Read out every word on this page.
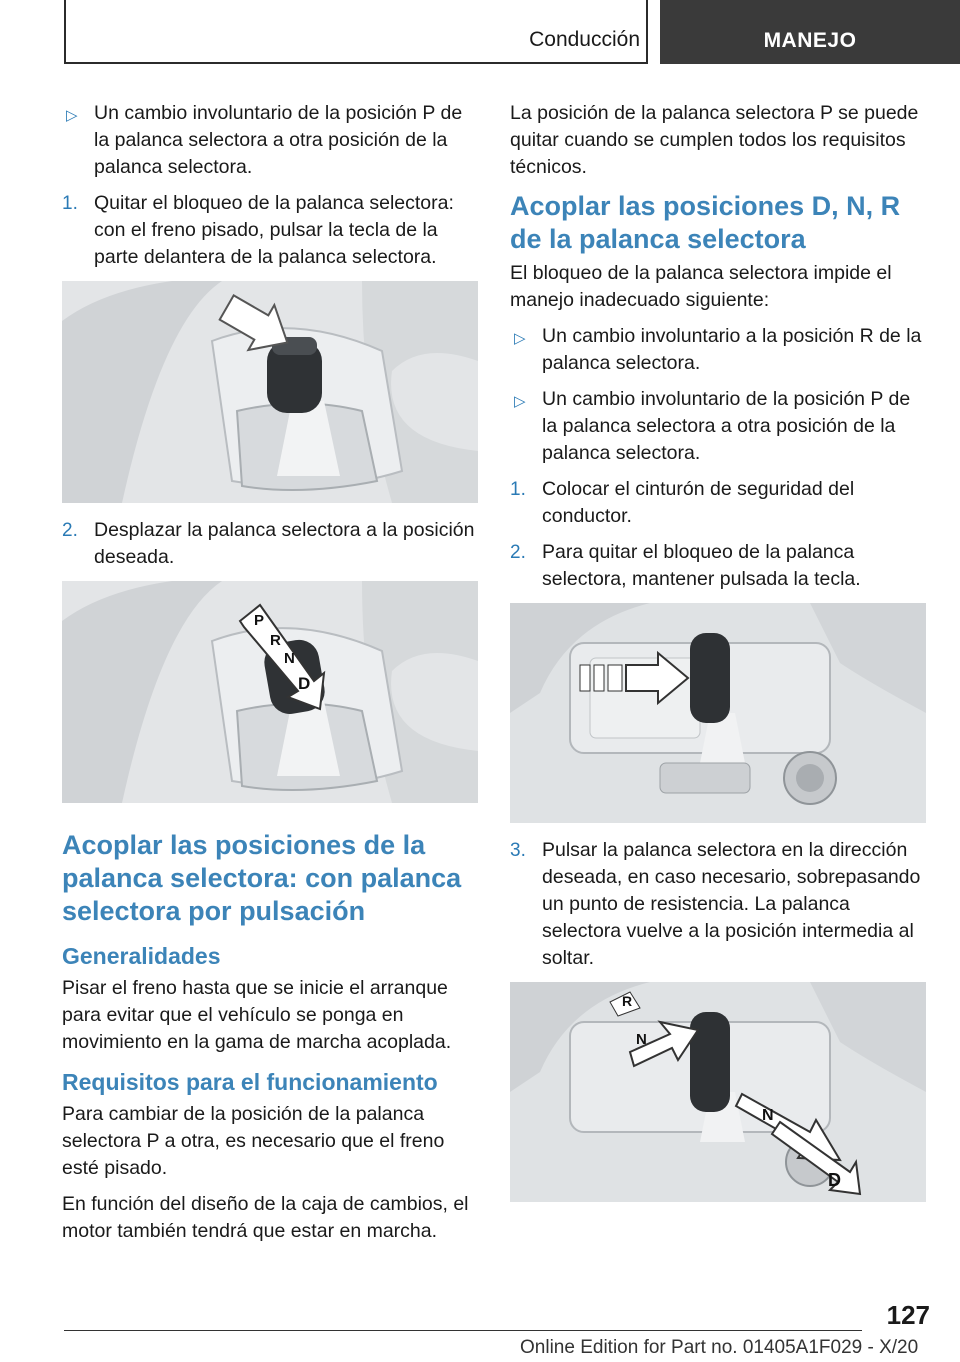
Conducción	MANEJO
▷ Un cambio involuntario de la posición P de la palanca selectora a otra posición de la palanca selectora.
1. Quitar el bloqueo de la palanca selectora: con el freno pisado, pulsar la tecla de la parte delantera de la palanca selectora.
2. Desplazar la palanca selectora a la posición deseada.
P
R
N
D
Acoplar las posiciones de la palanca selectora: con palanca selectora por pulsación
Generalidades

Pisar el freno hasta que se inicie el arranque para evitar que el vehículo se ponga en movimiento en la gama de marcha acoplada.

Requisitos para el funcionamiento

Para cambiar de la posición de la palanca selectora P a otra, es necesario que el freno esté pisado.

En función del diseño de la caja de cambios, el motor también tendrá que estar en marcha.

La posición de la palanca selectora P se puede quitar cuando se cumplen todos los requisitos técnicos.

Acoplar las posiciones D, N, R de la palanca selectora

El bloqueo de la palanca selectora impide el manejo inadecuado siguiente:

▷ Un cambio involuntario a la posición R de la palanca selectora.
▷ Un cambio involuntario de la posición P de la palanca selectora a otra posición de la palanca selectora.
1. Colocar el cinturón de seguridad del conductor.
2. Para quitar el bloqueo de la palanca selectora, mantener pulsada la tecla.
3. Pulsar la palanca selectora en la dirección deseada, en caso necesario, sobrepasando un punto de resistencia. La palanca selectora vuelve a la posición intermedia al soltar.
R
N
N
D
127
Online Edition for Part no. 01405A1F029 - X/20
